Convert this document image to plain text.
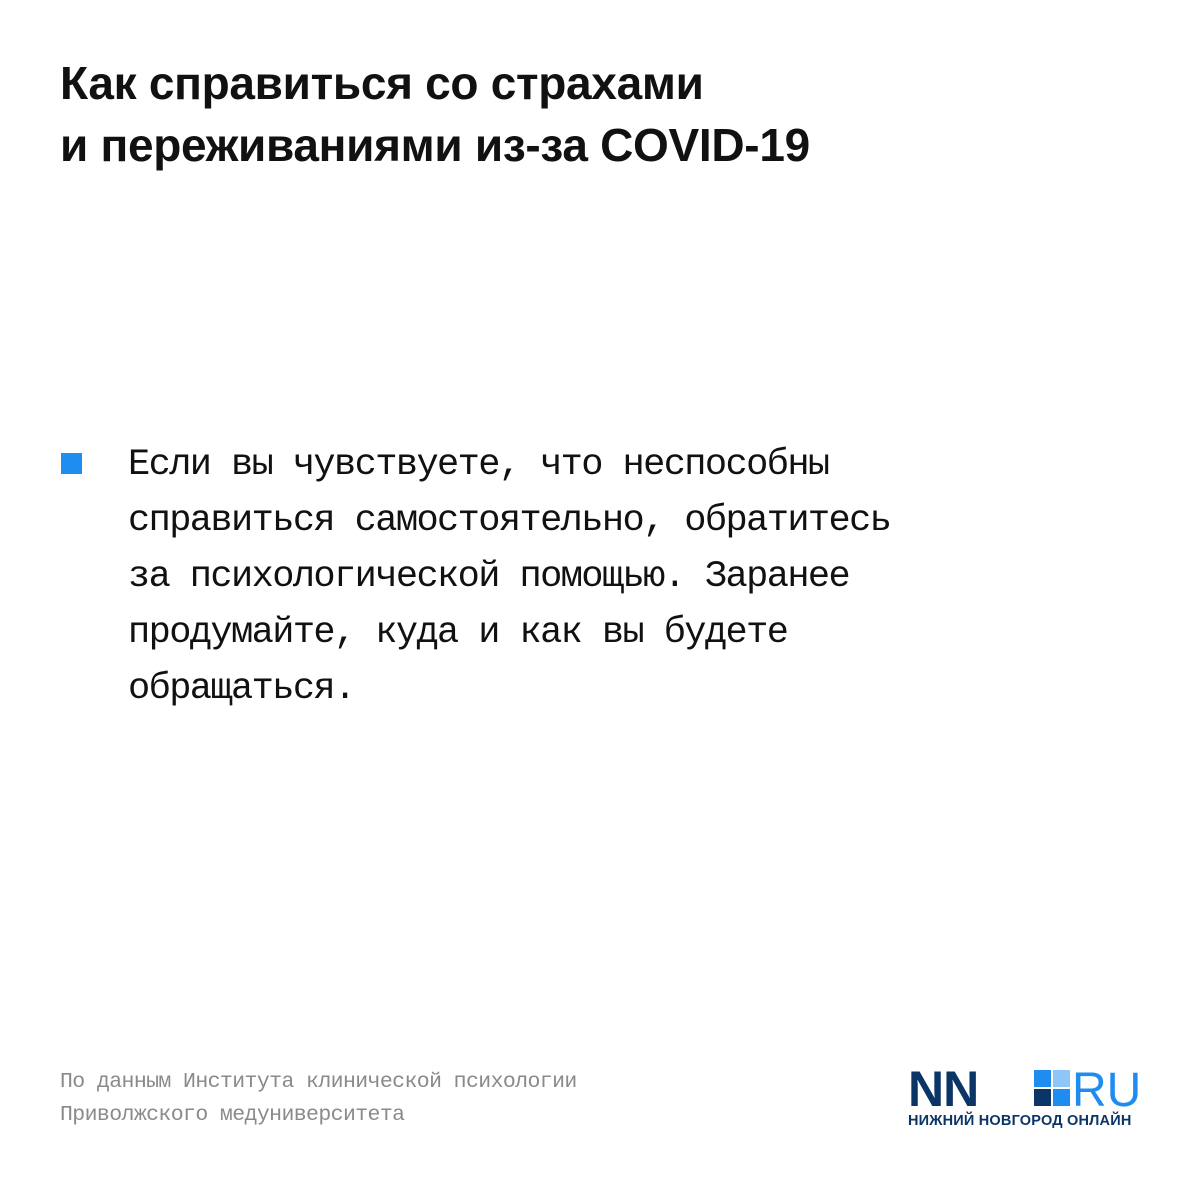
Как справиться со страхами
и переживаниями из-за COVID-19
Если вы чувствуете, что неспособны
справиться самостоятельно, обратитесь
за психологической помощью. Заранее
продумайте, куда и как вы будете
обращаться.
По данным Института клинической психологии
Приволжского медуниверситета	NN RU
НИЖНИЙ НОВГОРОД ОНЛАЙН
